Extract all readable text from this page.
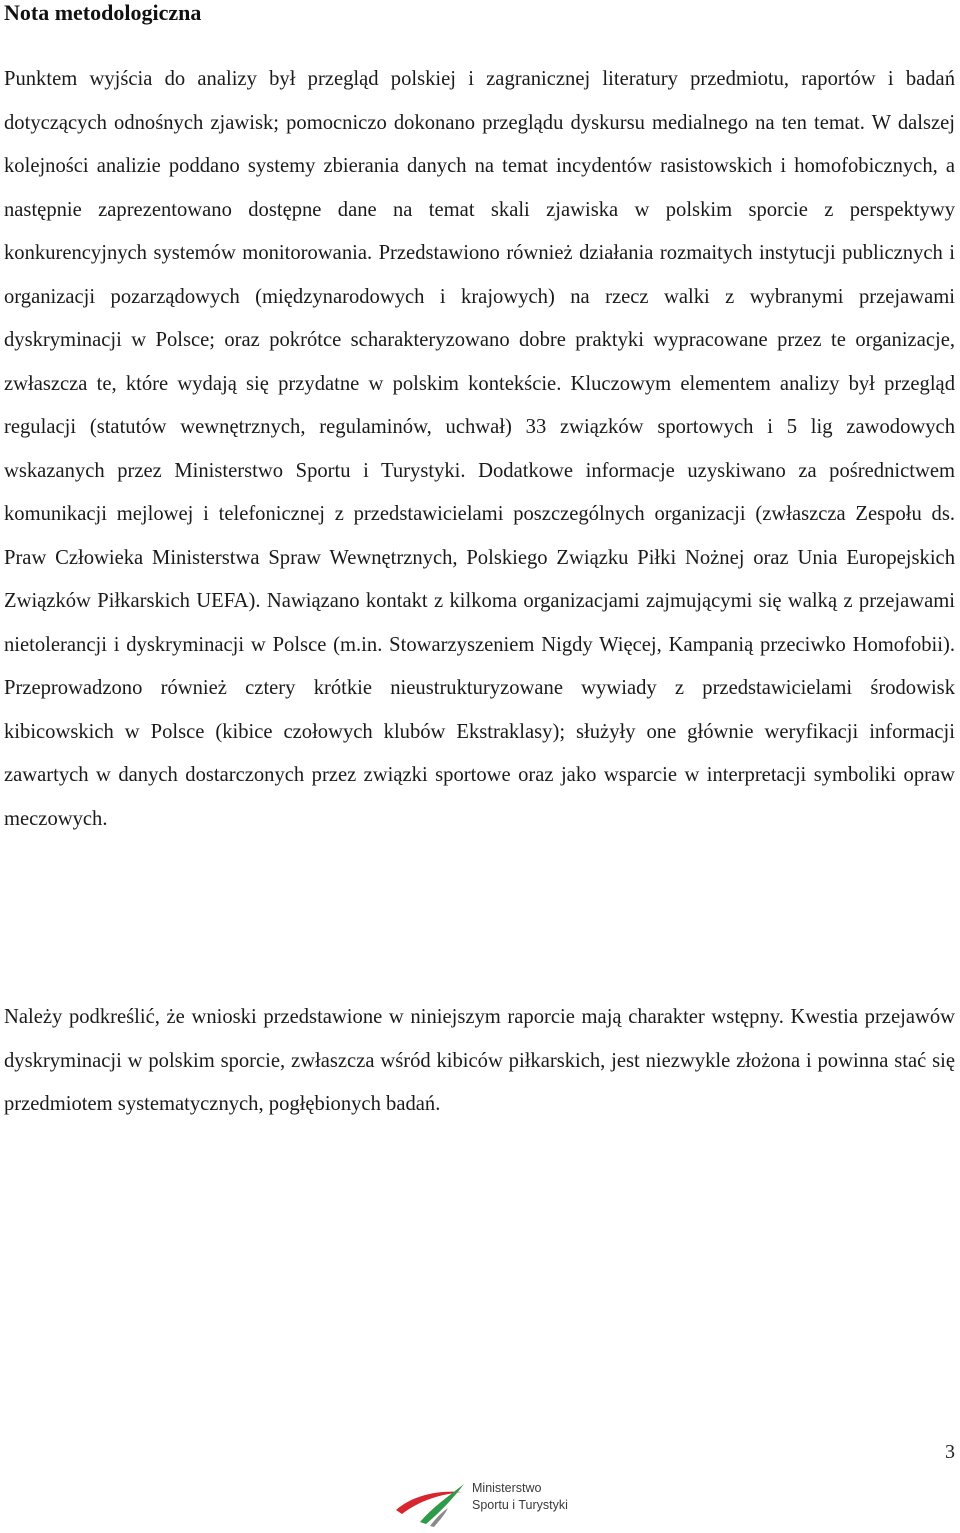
Nota metodologiczna

Punktem wyjścia do analizy był przegląd polskiej i zagranicznej literatury przedmiotu, raportów i badań dotyczących odnośnych zjawisk; pomocniczo dokonano przeglądu dyskursu medialnego na ten temat. W dalszej kolejności analizie poddano systemy zbierania danych na temat incydentów rasistowskich i homofobicznych, a następnie zaprezentowano dostępne dane na temat skali zjawiska w polskim sporcie z perspektywy konkurencyjnych systemów monitorowania. Przedstawiono również działania rozmaitych instytucji publicznych i organizacji pozarządowych (międzynarodowych i krajowych) na rzecz walki z wybranymi przejawami dyskryminacji w Polsce; oraz pokrótce scharakteryzowano dobre praktyki wypracowane przez te organizacje, zwłaszcza te, które wydają się przydatne w polskim kontekście. Kluczowym elementem analizy był przegląd regulacji (statutów wewnętrznych, regulaminów, uchwał) 33 związków sportowych i 5 lig zawodowych wskazanych przez Ministerstwo Sportu i Turystyki. Dodatkowe informacje uzyskiwano za pośrednictwem komunikacji mejlowej i telefonicznej z przedstawicielami poszczególnych organizacji (zwłaszcza Zespołu ds. Praw Człowieka Ministerstwa Spraw Wewnętrznych, Polskiego Związku Piłki Nożnej oraz Unia Europejskich Związków Piłkarskich UEFA). Nawiązano kontakt z kilkoma organizacjami zajmującymi się walką z przejawami nietolerancji i dyskryminacji w Polsce (m.in. Stowarzyszeniem Nigdy Więcej, Kampanią przeciwko Homofobii). Przeprowadzono również cztery krótkie nieustrukturyzowane wywiady z przedstawicielami środowisk kibicowskich w Polsce (kibice czołowych klubów Ekstraklasy); służyły one głównie weryfikacji informacji zawartych w danych dostarczonych przez związki sportowe oraz jako wsparcie w interpretacji symboliki opraw meczowych.

Należy podkreślić, że wnioski przedstawione w niniejszym raporcie mają charakter wstępny. Kwestia przejawów dyskryminacji w polskim sporcie, zwłaszcza wśród kibiców piłkarskich, jest niezwykle złożona i powinna stać się przedmiotem systematycznych, pogłębionych badań.

3
Ministerstwo
Sportu i Turystyki
